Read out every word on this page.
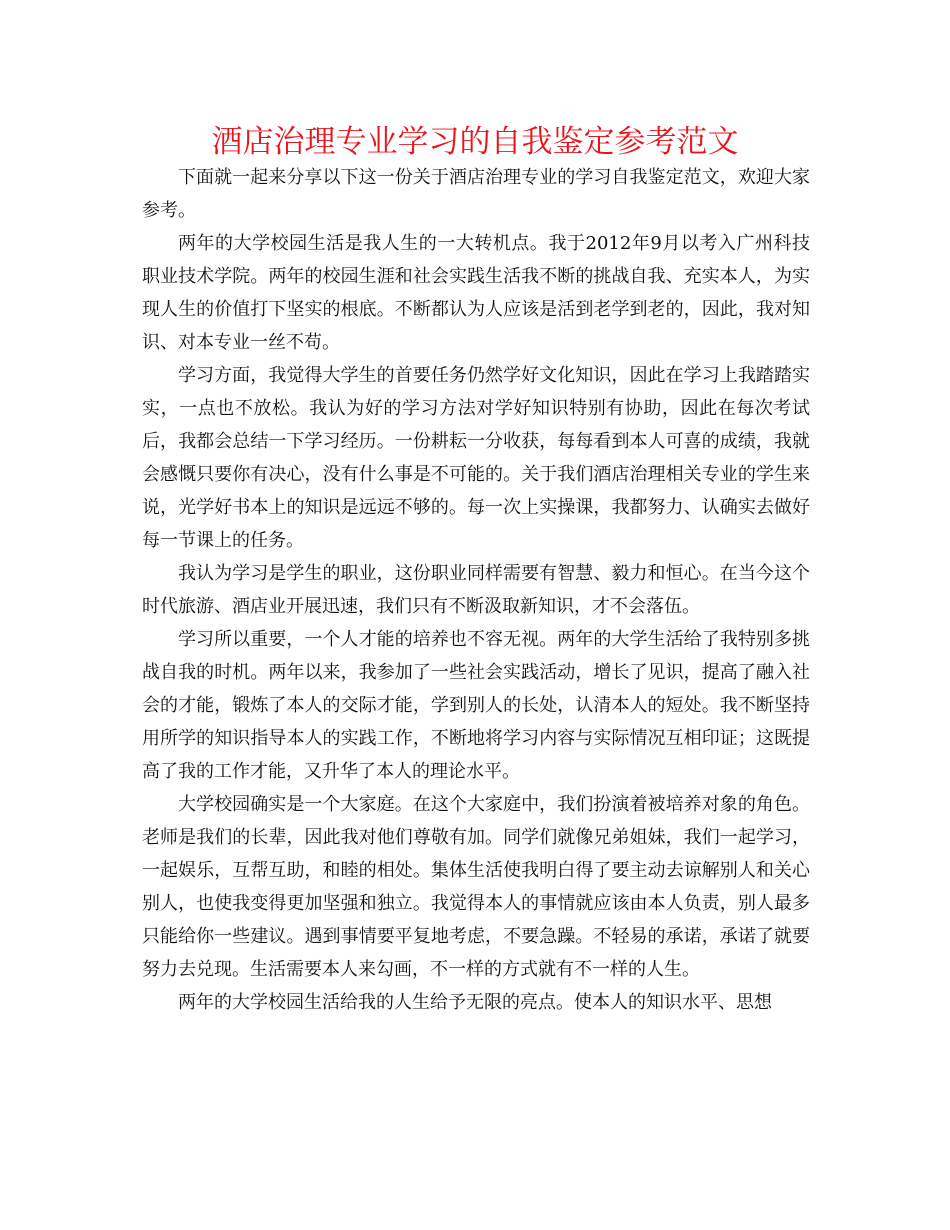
酒店治理专业学习的自我鉴定参考范文

下面就一起来分享以下这一份关于酒店治理专业的学习自我鉴定范文，欢迎大家参考。

两年的大学校园生活是我人生的一大转机点。我于2012年9月以考入广州科技职业技术学院。两年的校园生涯和社会实践生活我不断的挑战自我、充实本人，为实现人生的价值打下坚实的根底。不断都认为人应该是活到老学到老的，因此，我对知识、对本专业一丝不苟。

学习方面，我觉得大学生的首要任务仍然学好文化知识，因此在学习上我踏踏实实，一点也不放松。我认为好的学习方法对学好知识特别有协助，因此在每次考试后，我都会总结一下学习经历。一份耕耘一分收获，每每看到本人可喜的成绩，我就会感慨只要你有决心，没有什么事是不可能的。关于我们酒店治理相关专业的学生来说，光学好书本上的知识是远远不够的。每一次上实操课，我都努力、认确实去做好每一节课上的任务。

我认为学习是学生的职业，这份职业同样需要有智慧、毅力和恒心。在当今这个时代旅游、酒店业开展迅速，我们只有不断汲取新知识，才不会落伍。

学习所以重要，一个人才能的培养也不容无视。两年的大学生活给了我特别多挑战自我的时机。两年以来，我参加了一些社会实践活动，增长了见识，提高了融入社会的才能，锻炼了本人的交际才能，学到别人的长处，认清本人的短处。我不断坚持用所学的知识指导本人的实践工作，不断地将学习内容与实际情况互相印证；这既提高了我的工作才能，又升华了本人的理论水平。

大学校园确实是一个大家庭。在这个大家庭中，我们扮演着被培养对象的角色。老师是我们的长辈，因此我对他们尊敬有加。同学们就像兄弟姐妹，我们一起学习，一起娱乐，互帮互助，和睦的相处。集体生活使我明白得了要主动去谅解别人和关心别人，也使我变得更加坚强和独立。我觉得本人的事情就应该由本人负责，别人最多只能给你一些建议。遇到事情要平复地考虑，不要急躁。不轻易的承诺，承诺了就要努力去兑现。生活需要本人来勾画，不一样的方式就有不一样的人生。

两年的大学校园生活给我的人生给予无限的亮点。使本人的知识水平、思想
